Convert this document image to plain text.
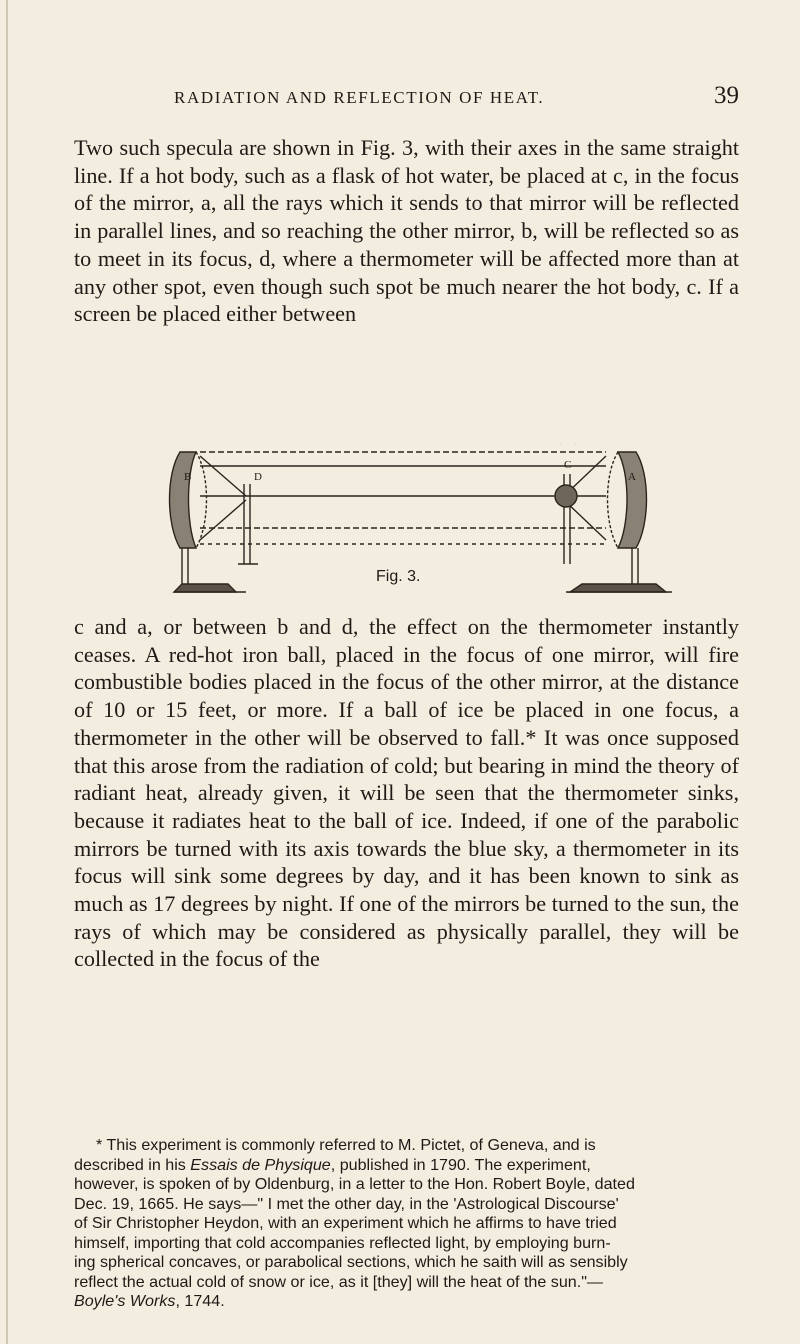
RADIATION AND REFLECTION OF HEAT.	39

Two such specula are shown in Fig. 3, with their axes in the same straight line. If a hot body, such as a flask of hot water, be placed at c, in the focus of the mirror, a, all the rays which it sends to that mirror will be reflected in parallel lines, and so reaching the other mirror, b, will be reflected so as to meet in its focus, d, where a thermometer will be affected more than at any other spot, even though such spot be much nearer the hot body, c. If a screen be placed either between

B	D
C
A
Fig. 3.

c and a, or between b and d, the effect on the thermometer instantly ceases. A red-hot iron ball, placed in the focus of one mirror, will fire combustible bodies placed in the focus of the other mirror, at the distance of 10 or 15 feet, or more. If a ball of ice be placed in one focus, a thermometer in the other will be observed to fall.* It was once supposed that this arose from the radiation of cold; but bearing in mind the theory of radiant heat, already given, it will be seen that the thermometer sinks, because it radiates heat to the ball of ice. Indeed, if one of the parabolic mirrors be turned with its axis towards the blue sky, a thermometer in its focus will sink some degrees by day, and it has been known to sink as much as 17 degrees by night. If one of the mirrors be turned to the sun, the rays of which may be considered as physically parallel, they will be collected in the focus of the

* This experiment is commonly referred to M. Pictet, of Geneva, and is
described in his Essais de Physique, published in 1790. The experiment,
however, is spoken of by Oldenburg, in a letter to the Hon. Robert Boyle, dated
Dec. 19, 1665. He says—" I met the other day, in the 'Astrological Discourse'
of Sir Christopher Heydon, with an experiment which he affirms to have tried
himself, importing that cold accompanies reflected light, by employing burn-
ing spherical concaves, or parabolical sections, which he saith will as sensibly
reflect the actual cold of snow or ice, as it [they] will the heat of the sun."—
Boyle's Works, 1744.
